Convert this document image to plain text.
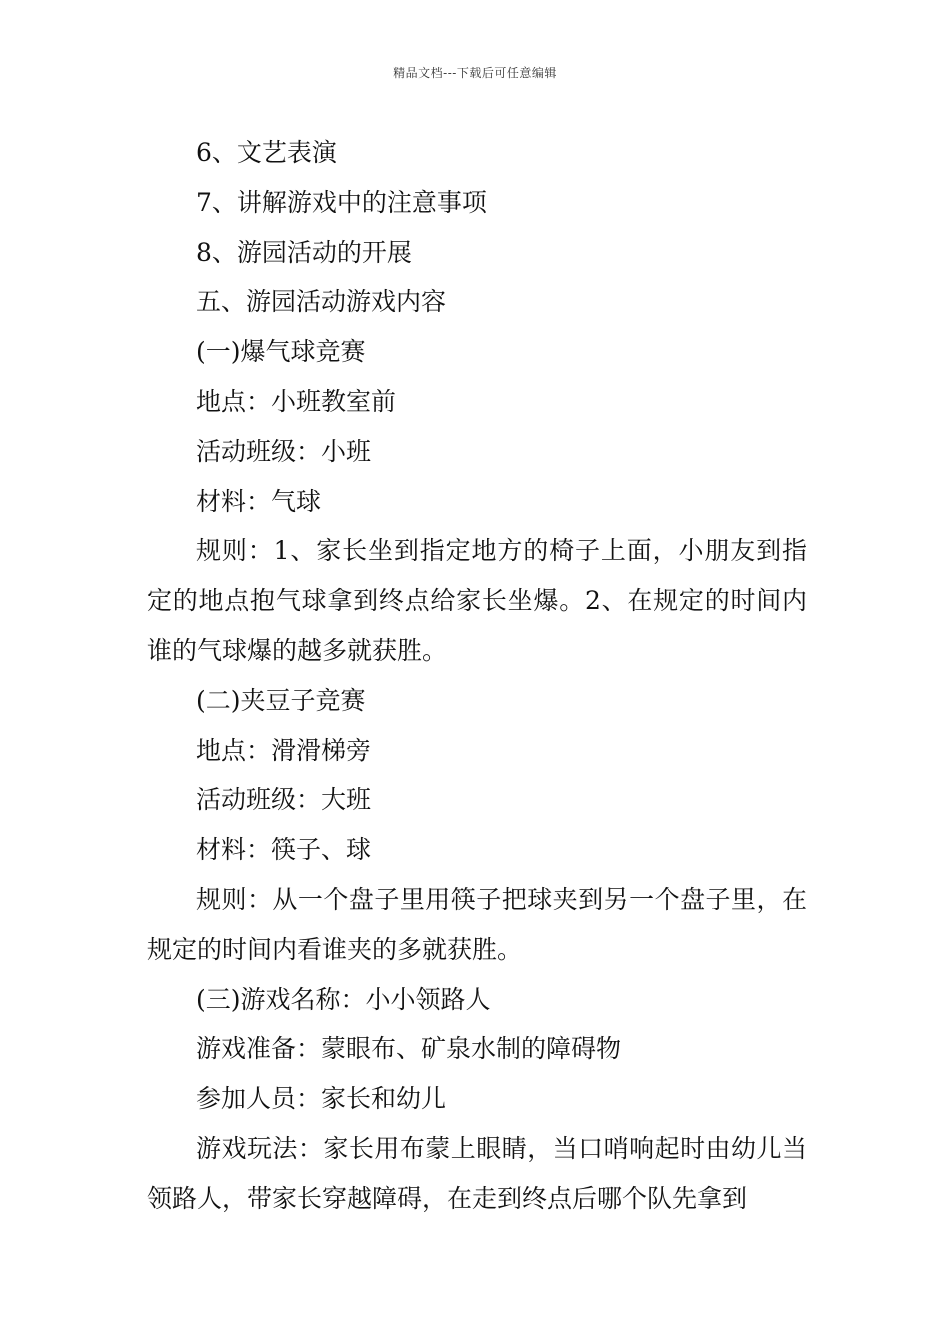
精品文档---下载后可任意编辑

6、文艺表演

7、讲解游戏中的注意事项

8、游园活动的开展

五、游园活动游戏内容

(一)爆气球竞赛

地点：小班教室前

活动班级：小班

材料：气球

规则：1、家长坐到指定地方的椅子上面，小朋友到指定的地点抱气球拿到终点给家长坐爆。2、在规定的时间内谁的气球爆的越多就获胜。

(二)夹豆子竞赛

地点：滑滑梯旁

活动班级：大班

材料：筷子、球

规则：从一个盘子里用筷子把球夹到另一个盘子里，在规定的时间内看谁夹的多就获胜。

(三)游戏名称：小小领路人

游戏准备：蒙眼布、矿泉水制的障碍物

参加人员：家长和幼儿

游戏玩法：家长用布蒙上眼睛，当口哨响起时由幼儿当领路人，带家长穿越障碍，在走到终点后哪个队先拿到
